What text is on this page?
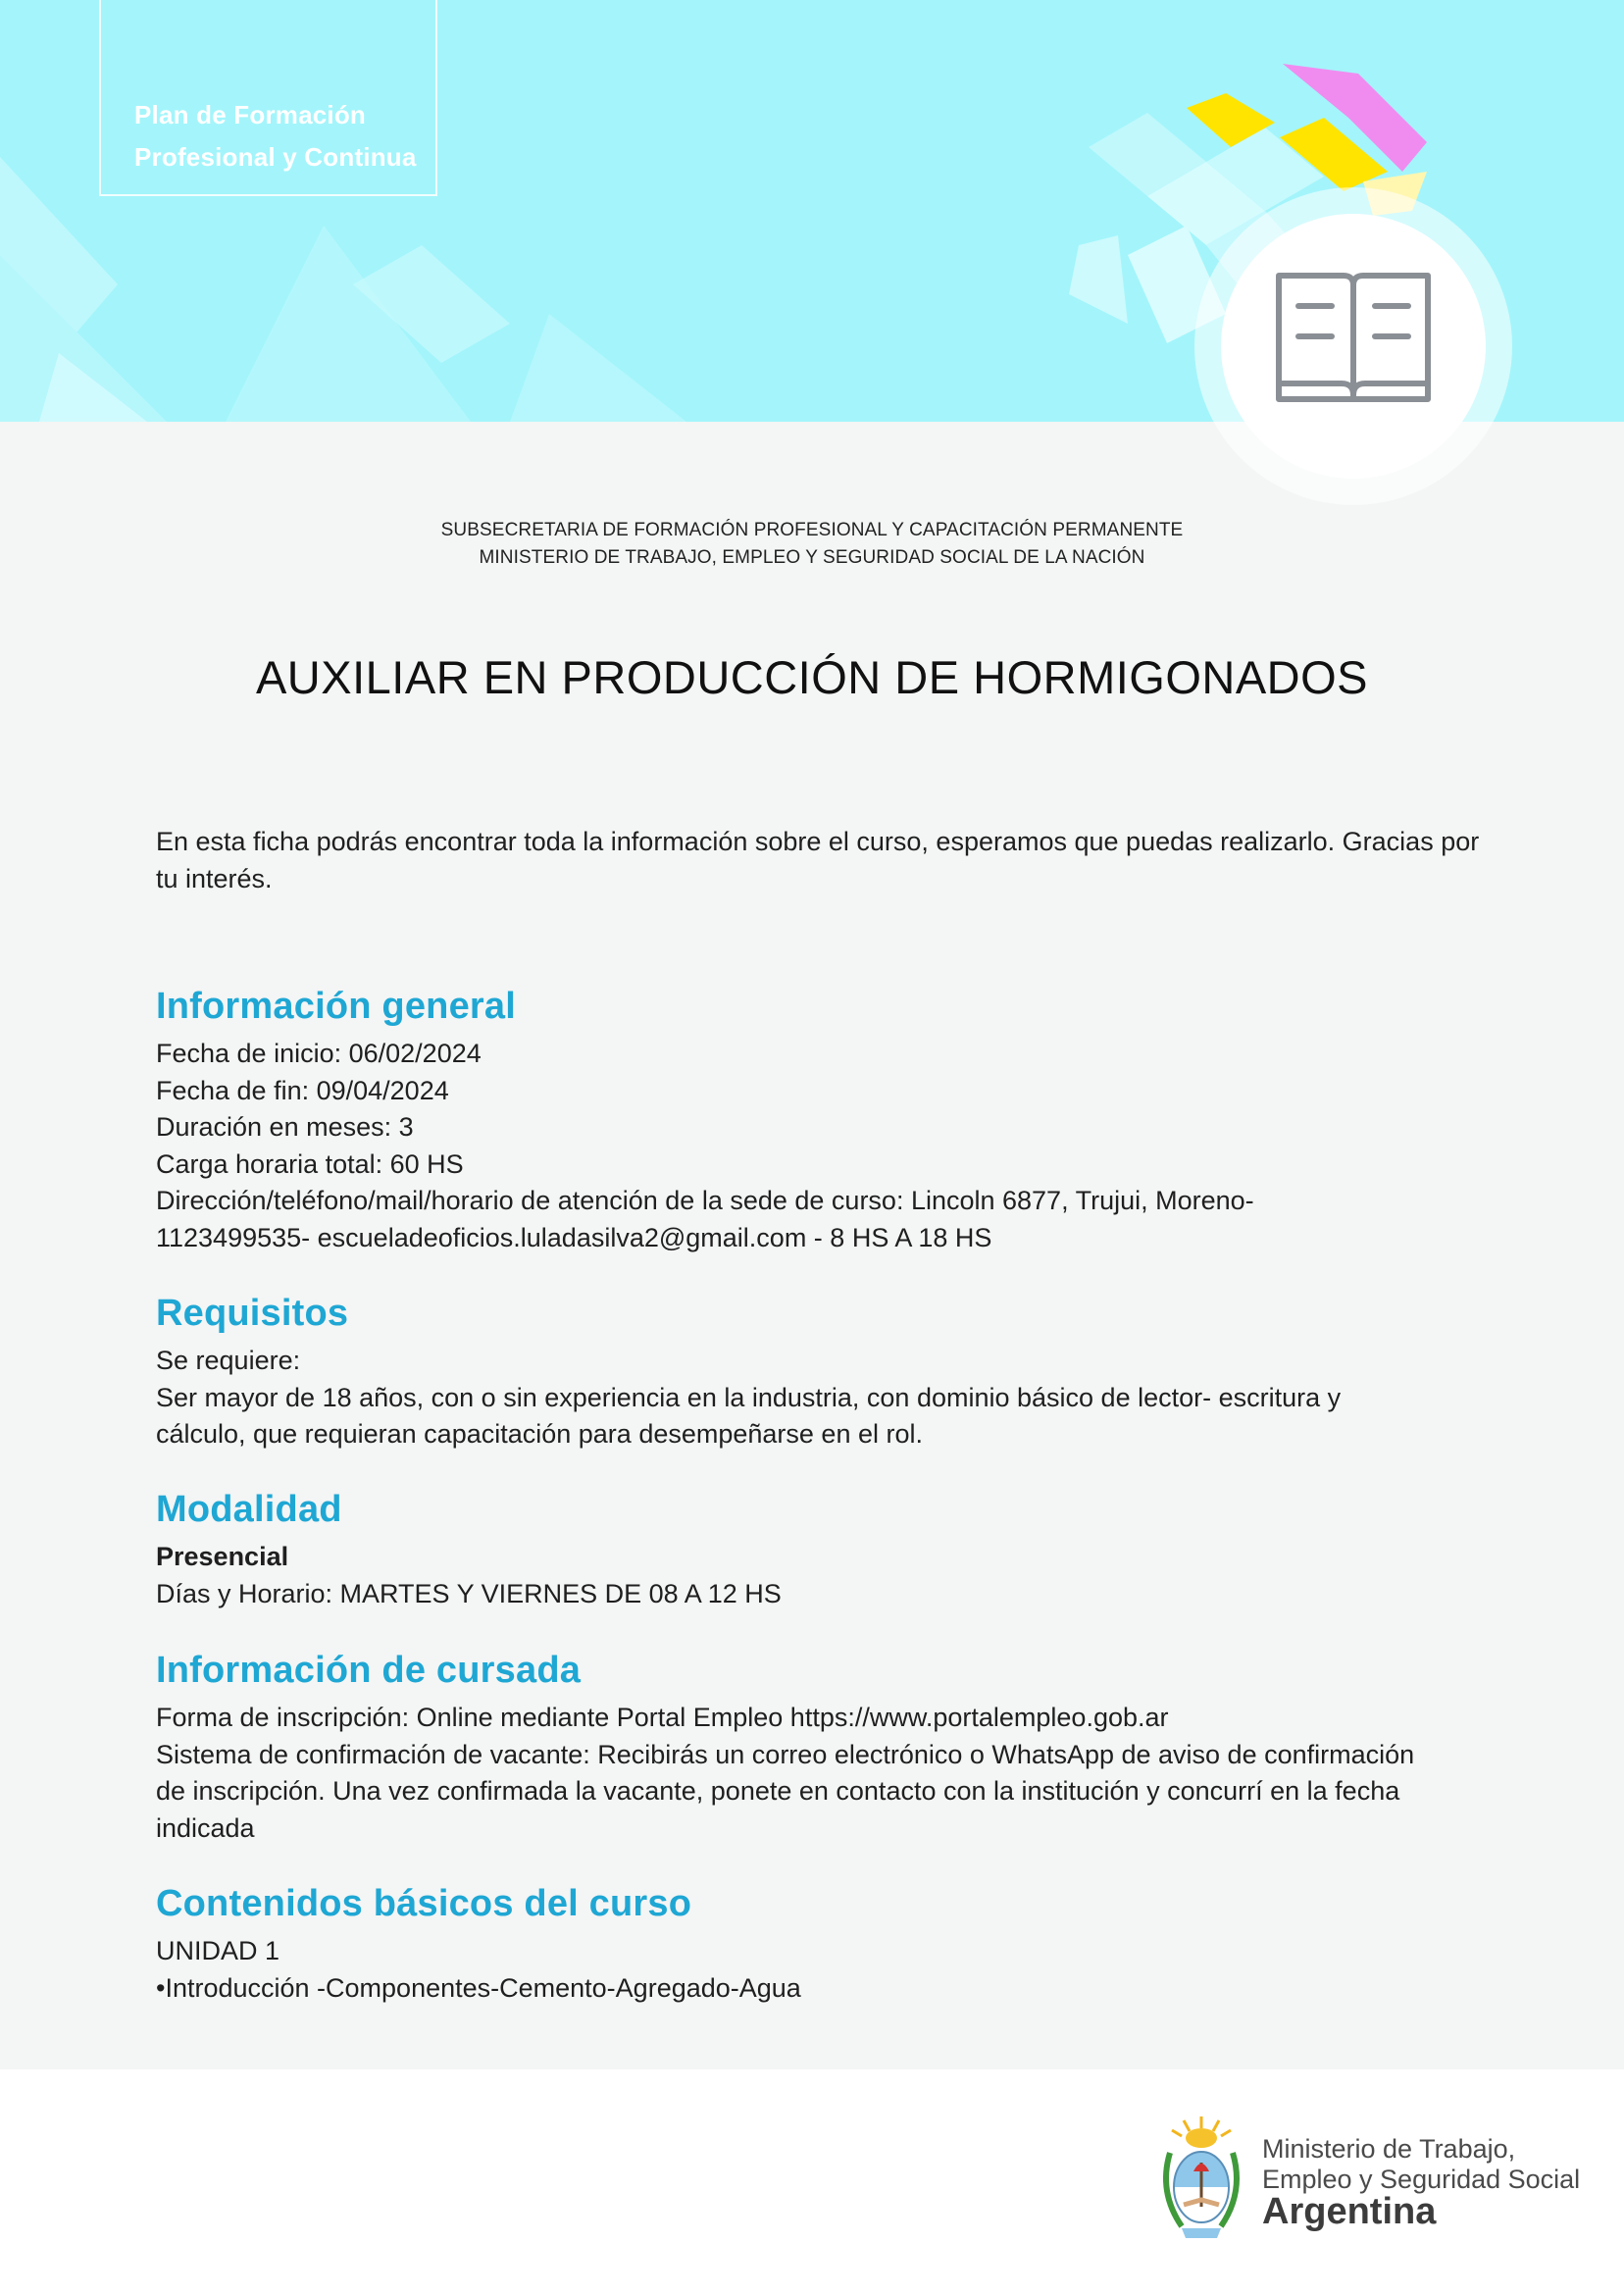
Plan de Formación
Profesional y Continua
SUBSECRETARIA DE FORMACIÓN PROFESIONAL Y CAPACITACIÓN PERMANENTE
MINISTERIO DE TRABAJO, EMPLEO Y SEGURIDAD SOCIAL DE LA NACIÓN
AUXILIAR EN PRODUCCIÓN DE HORMIGONADOS
En esta ficha podrás encontrar toda la información sobre el curso, esperamos que puedas realizarlo. Gracias por tu interés.
Información general
Fecha de inicio: 06/02/2024
Fecha de fin: 09/04/2024
Duración en meses: 3
Carga horaria total: 60 HS
Dirección/teléfono/mail/horario de atención de la sede de curso: Lincoln 6877, Trujui, Moreno-
1123499535- escueladeoficios.luladasilva2@gmail.com - 8 HS A 18 HS
Requisitos
Se requiere:
Ser mayor de 18 años, con o sin experiencia en la industria, con dominio básico de lector- escritura y
cálculo, que requieran capacitación para desempeñarse en el rol.
Modalidad
Presencial
Días y Horario: MARTES Y VIERNES DE 08 A 12 HS
Información de cursada
Forma de inscripción: Online mediante Portal Empleo https://www.portalempleo.gob.ar
Sistema de confirmación de vacante: Recibirás un correo electrónico o WhatsApp de aviso de confirmación
de inscripción. Una vez confirmada la vacante, ponete en contacto con la institución y concurrí en la fecha
indicada
Contenidos básicos del curso
UNIDAD 1
•Introducción -Componentes-Cemento-Agregado-Agua
Ministerio de Trabajo,
Empleo y Seguridad Social
Argentina
